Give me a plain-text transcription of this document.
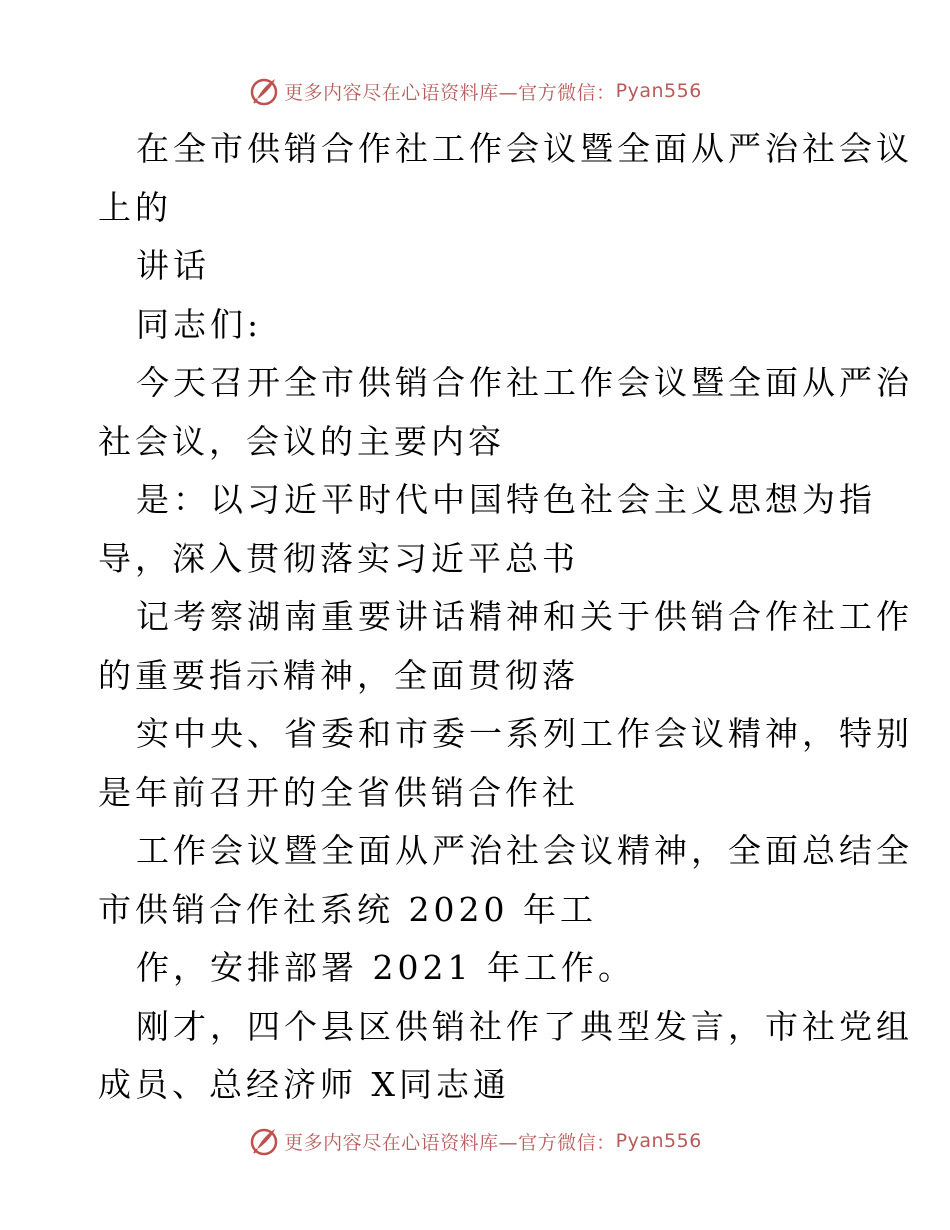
更多内容尽在心语资料库—官方微信： Pyan556
在全市供销合作社工作会议暨全面从严治社会议
上的
讲话
同志们:
今天召开全市供销合作社工作会议暨全面从严治
社会议，会议的主要内容
是：以习近平时代中国特色社会主义思想为指
导，深入贯彻落实习近平总书
记考察湖南重要讲话精神和关于供销合作社工作
的重要指示精神，全面贯彻落
实中央、省委和市委一系列工作会议精神，特别
是年前召开的全省供销合作社
工作会议暨全面从严治社会议精神，全面总结全
市供销合作社系统 2020 年工
作，安排部署 2021 年工作。
刚才，四个县区供销社作了典型发言，市社党组
成员、总经济师 X同志通
更多内容尽在心语资料库—官方微信： Pyan556
